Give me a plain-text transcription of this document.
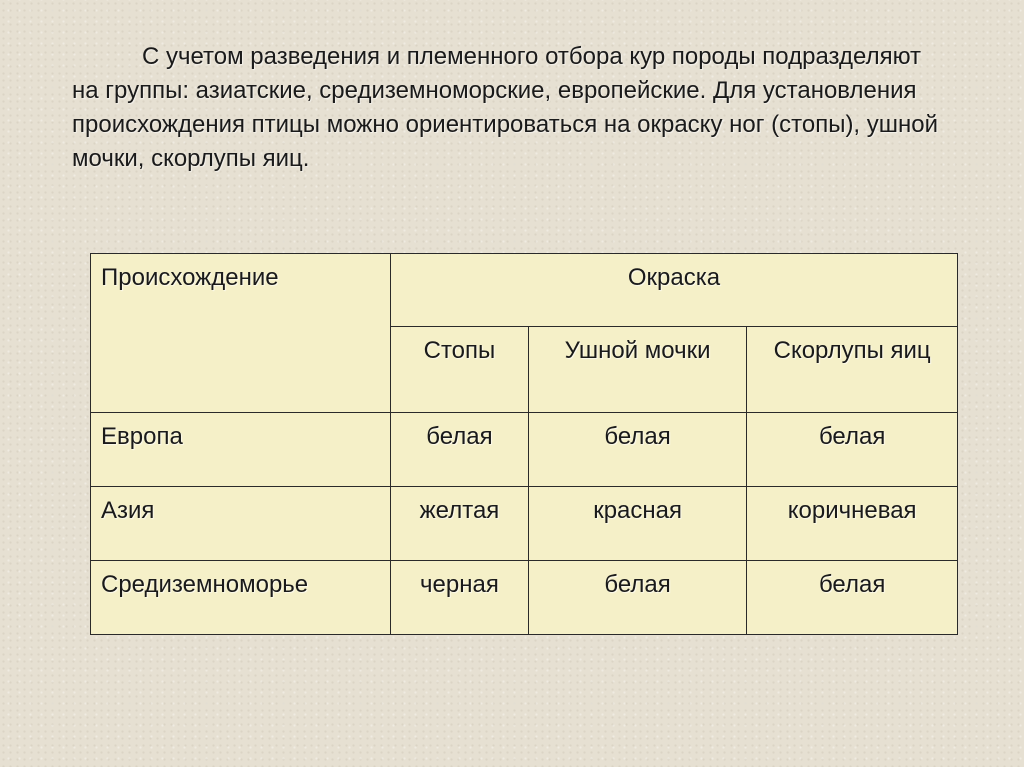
С учетом разведения и племенного отбора кур породы подразделяют на группы: азиатские, средиземноморские, европейские. Для установления происхождения птицы можно ориентироваться на окраску ног (стопы), ушной мочки, скорлупы яиц.

Происхождение	Окраска		
	Стопы	Ушной мочки	Скорлупы яиц
Европа	белая	белая	белая
Азия	желтая	красная	коричневая
Средиземноморье	черная	белая	белая
